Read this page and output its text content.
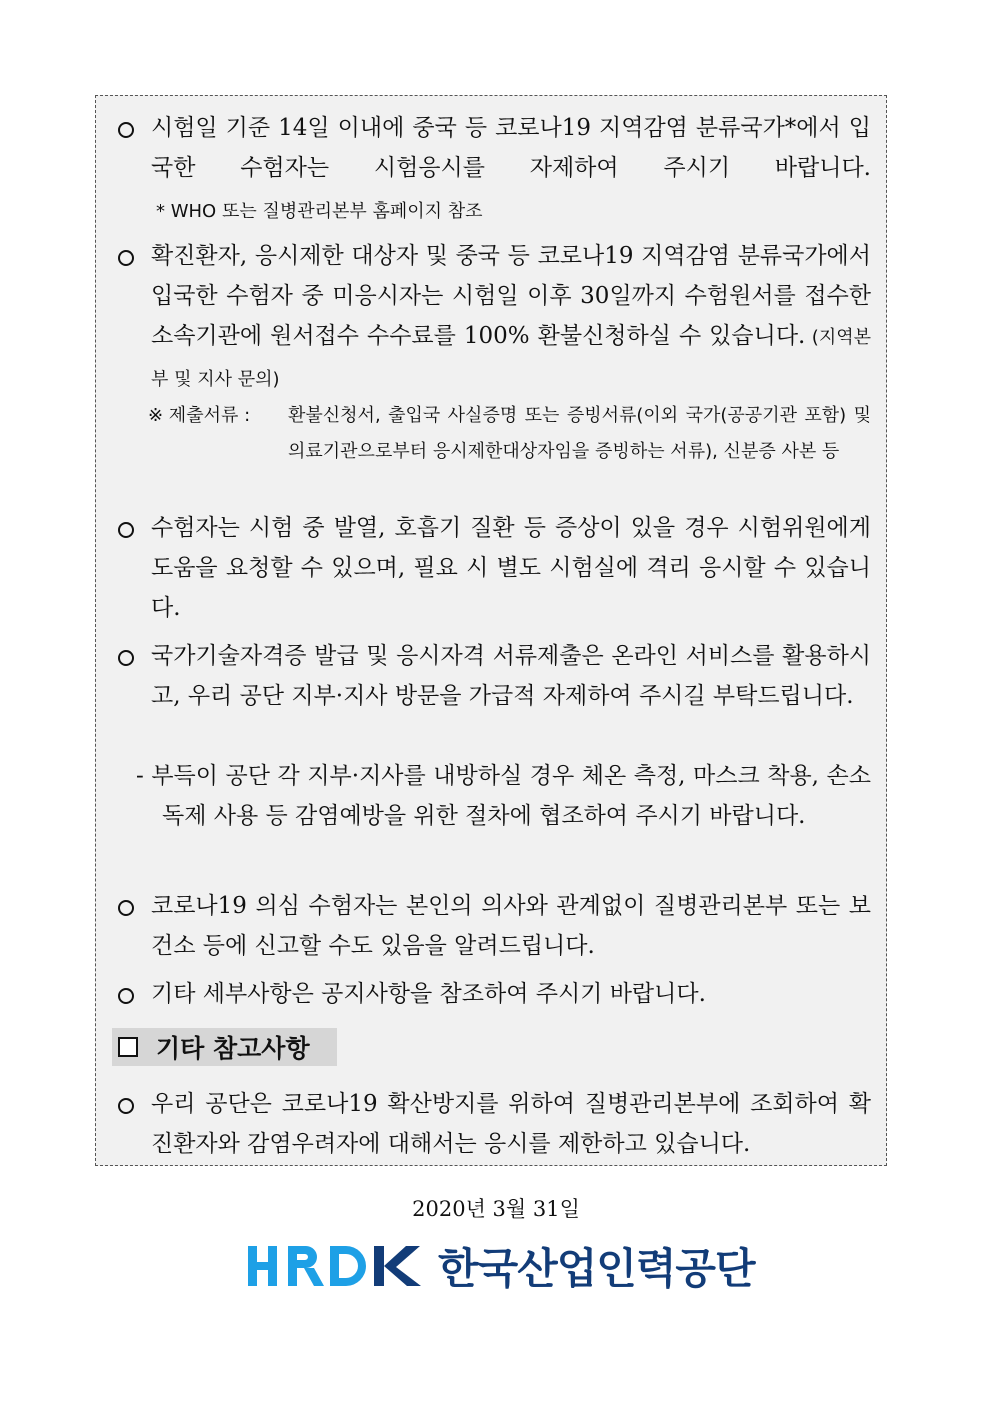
시험일 기준 14일 이내에 중국 등 코로나19 지역감염 분류국가*에서 입국한 수험자는 시험응시를 자제하여 주시기 바랍니다.
* WHO 또는 질병관리본부 홈페이지 참조
확진환자, 응시제한 대상자 및 중국 등 코로나19 지역감염 분류국가에서 입국한 수험자 중 미응시자는 시험일 이후 30일까지 수험원서를 접수한 소속기관에 원서접수 수수료를 100% 환불신청하실 수 있습니다. (지역본부 및 지사 문의)
※ 제출서류 : 환불신청서, 출입국 사실증명 또는 증빙서류(이외 국가(공공기관 포함) 및 의료기관으로부터 응시제한대상자임을 증빙하는 서류), 신분증 사본 등
수험자는 시험 중 발열, 호흡기 질환 등 증상이 있을 경우 시험위원에게 도움을 요청할 수 있으며, 필요 시 별도 시험실에 격리 응시할 수 있습니다.
국가기술자격증 발급 및 응시자격 서류제출은 온라인 서비스를 활용하시고, 우리 공단 지부·지사 방문을 가급적 자제하여 주시길 부탁드립니다.
- 부득이 공단 각 지부·지사를 내방하실 경우 체온 측정, 마스크 착용, 손소독제 사용 등 감염예방을 위한 절차에 협조하여 주시기 바랍니다.
코로나19 의심 수험자는 본인의 의사와 관계없이 질병관리본부 또는 보건소 등에 신고할 수도 있음을 알려드립니다.
기타 세부사항은 공지사항을 참조하여 주시기 바랍니다.
기타 참고사항
우리 공단은 코로나19 확산방지를 위하여 질병관리본부에 조회하여 확진환자와 감염우려자에 대해서는 응시를 제한하고 있습니다.
2020년 3월 31일
한국산업인력공단
